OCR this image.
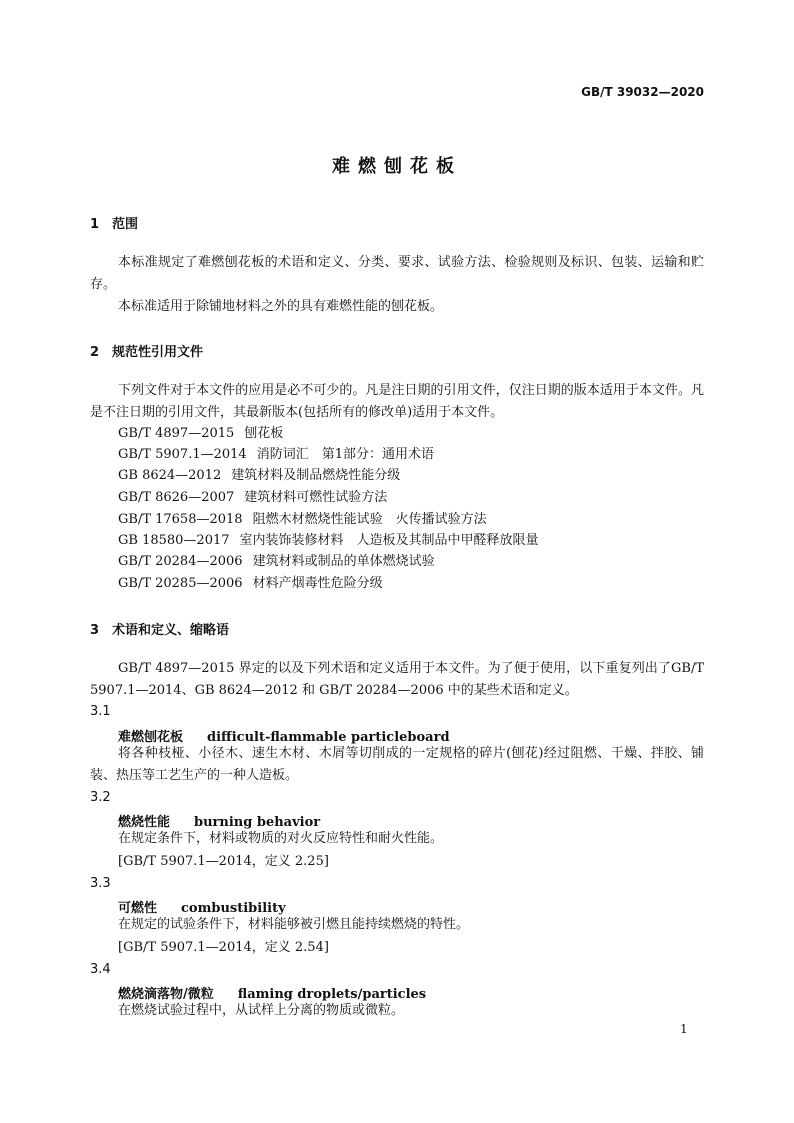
GB/T 39032—2020
难燃刨花板
1 范围
本标准规定了难燃刨花板的术语和定义、分类、要求、试验方法、检验规则及标识、包装、运输和贮存。
本标准适用于除铺地材料之外的具有难燃性能的刨花板。
2 规范性引用文件
下列文件对于本文件的应用是必不可少的。凡是注日期的引用文件，仅注日期的版本适用于本文件。凡是不注日期的引用文件，其最新版本(包括所有的修改单)适用于本文件。
GB/T 4897—2015 刨花板
GB/T 5907.1—2014 消防词汇　第1部分：通用术语
GB 8624—2012 建筑材料及制品燃烧性能分级
GB/T 8626—2007 建筑材料可燃性试验方法
GB/T 17658—2018 阻燃木材燃烧性能试验　火传播试验方法
GB 18580—2017 室内装饰装修材料　人造板及其制品中甲醛释放限量
GB/T 20284—2006 建筑材料或制品的单体燃烧试验
GB/T 20285—2006 材料产烟毒性危险分级
3 术语和定义、缩略语
GB/T 4897—2015 界定的以及下列术语和定义适用于本文件。为了便于使用，以下重复列出了GB/T 5907.1—2014、GB 8624—2012 和 GB/T 20284—2006 中的某些术语和定义。
3.1
难燃刨花板 difficult-flammable particleboard
将各种枝桠、小径木、速生木材、木屑等切削成的一定规格的碎片(刨花)经过阻燃、干燥、拌胶、铺装、热压等工艺生产的一种人造板。
3.2
燃烧性能 burning behavior
在规定条件下，材料或物质的对火反应特性和耐火性能。
[GB/T 5907.1—2014，定义 2.25]
3.3
可燃性 combustibility
在规定的试验条件下，材料能够被引燃且能持续燃烧的特性。
[GB/T 5907.1—2014，定义 2.54]
3.4
燃烧滴落物/微粒 flaming droplets/particles
在燃烧试验过程中，从试样上分离的物质或微粒。
1
